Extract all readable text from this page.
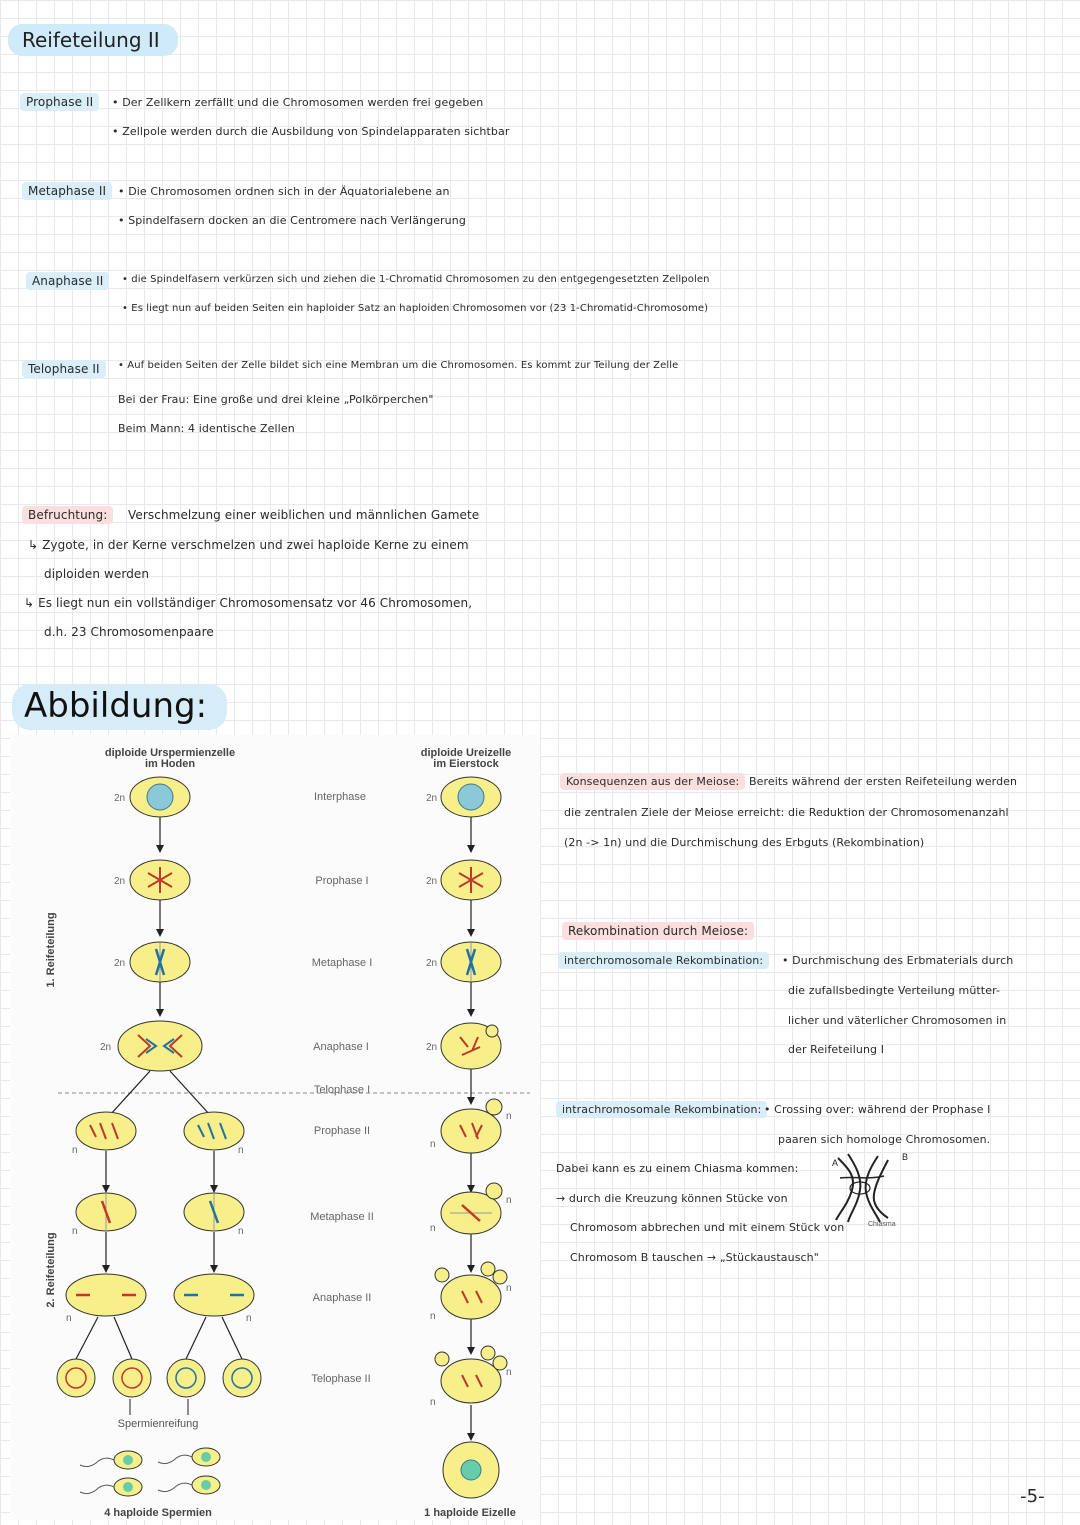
Reifeteilung II
Prophase II	• Der Zellkern zerfällt und die Chromosomen werden frei gegeben
• Zellpole werden durch die Ausbildung von Spindelapparaten sichtbar
Metaphase II	• Die Chromosomen ordnen sich in der Äquatorialebene an
• Spindelfasern docken an die Centromere nach Verlängerung
Anaphase II	• die Spindelfasern verkürzen sich und ziehen die 1-Chromatid Chromosomen zu den entgegengesetzten Zellpolen
• Es liegt nun auf beiden Seiten ein haploider Satz an haploiden Chromosomen vor (23 1-Chromatid-Chromosome)
Telophase II	• Auf beiden Seiten der Zelle bildet sich eine Membran um die Chromosomen. Es kommt zur Teilung der Zelle
Bei der Frau: Eine große und drei kleine „Polkörperchen"
Beim Mann: 4 identische Zellen
Befruchtung:	Verschmelzung einer weiblichen und männlichen Gamete
↳ Zygote, in der Kerne verschmelzen und zwei haploide Kerne zu einem
diploiden werden
↳ Es liegt nun ein vollständiger Chromosomensatz vor 46 Chromosomen,
d.h. 23 Chromosomenpaare
Abbildung:
diploide Urspermienzelle
im Hoden
diploide Ureizelle
im Eierstock
Interphase
Prophase I
Metaphase I
Anaphase I
Telophase I
Prophase II
Metaphase II
Anaphase II
Telophase II
1. Reifeteilung
2. Reifeteilung
2n
2n
2n
2n
n	n
n	n
n	n
Spermienreifung
4 haploide Spermien
2n
2n
2n
2n
n
n
n
n
n
n
n
n
1 haploide Eizelle
Konsequenzen aus der Meiose: Bereits während der ersten Reifeteilung werden
die zentralen Ziele der Meiose erreicht: die Reduktion der Chromosomenanzahl
(2n -> 1n) und die Durchmischung des Erbguts (Rekombination)
Rekombination durch Meiose:
interchromosomale Rekombination:	• Durchmischung des Erbmaterials durch
die zufallsbedingte Verteilung mütter-
licher und väterlicher Chromosomen in
der Reifeteilung I
intrachromosomale Rekombination: • Crossing over: während der Prophase I
paaren sich homologe Chromosomen.
Dabei kann es zu einem Chiasma kommen:
→ durch die Kreuzung können Stücke von
Chromosom abbrechen und mit einem Stück von
Chromosom B tauschen → „Stückaustausch"
A
B
Chiasma
-5-
